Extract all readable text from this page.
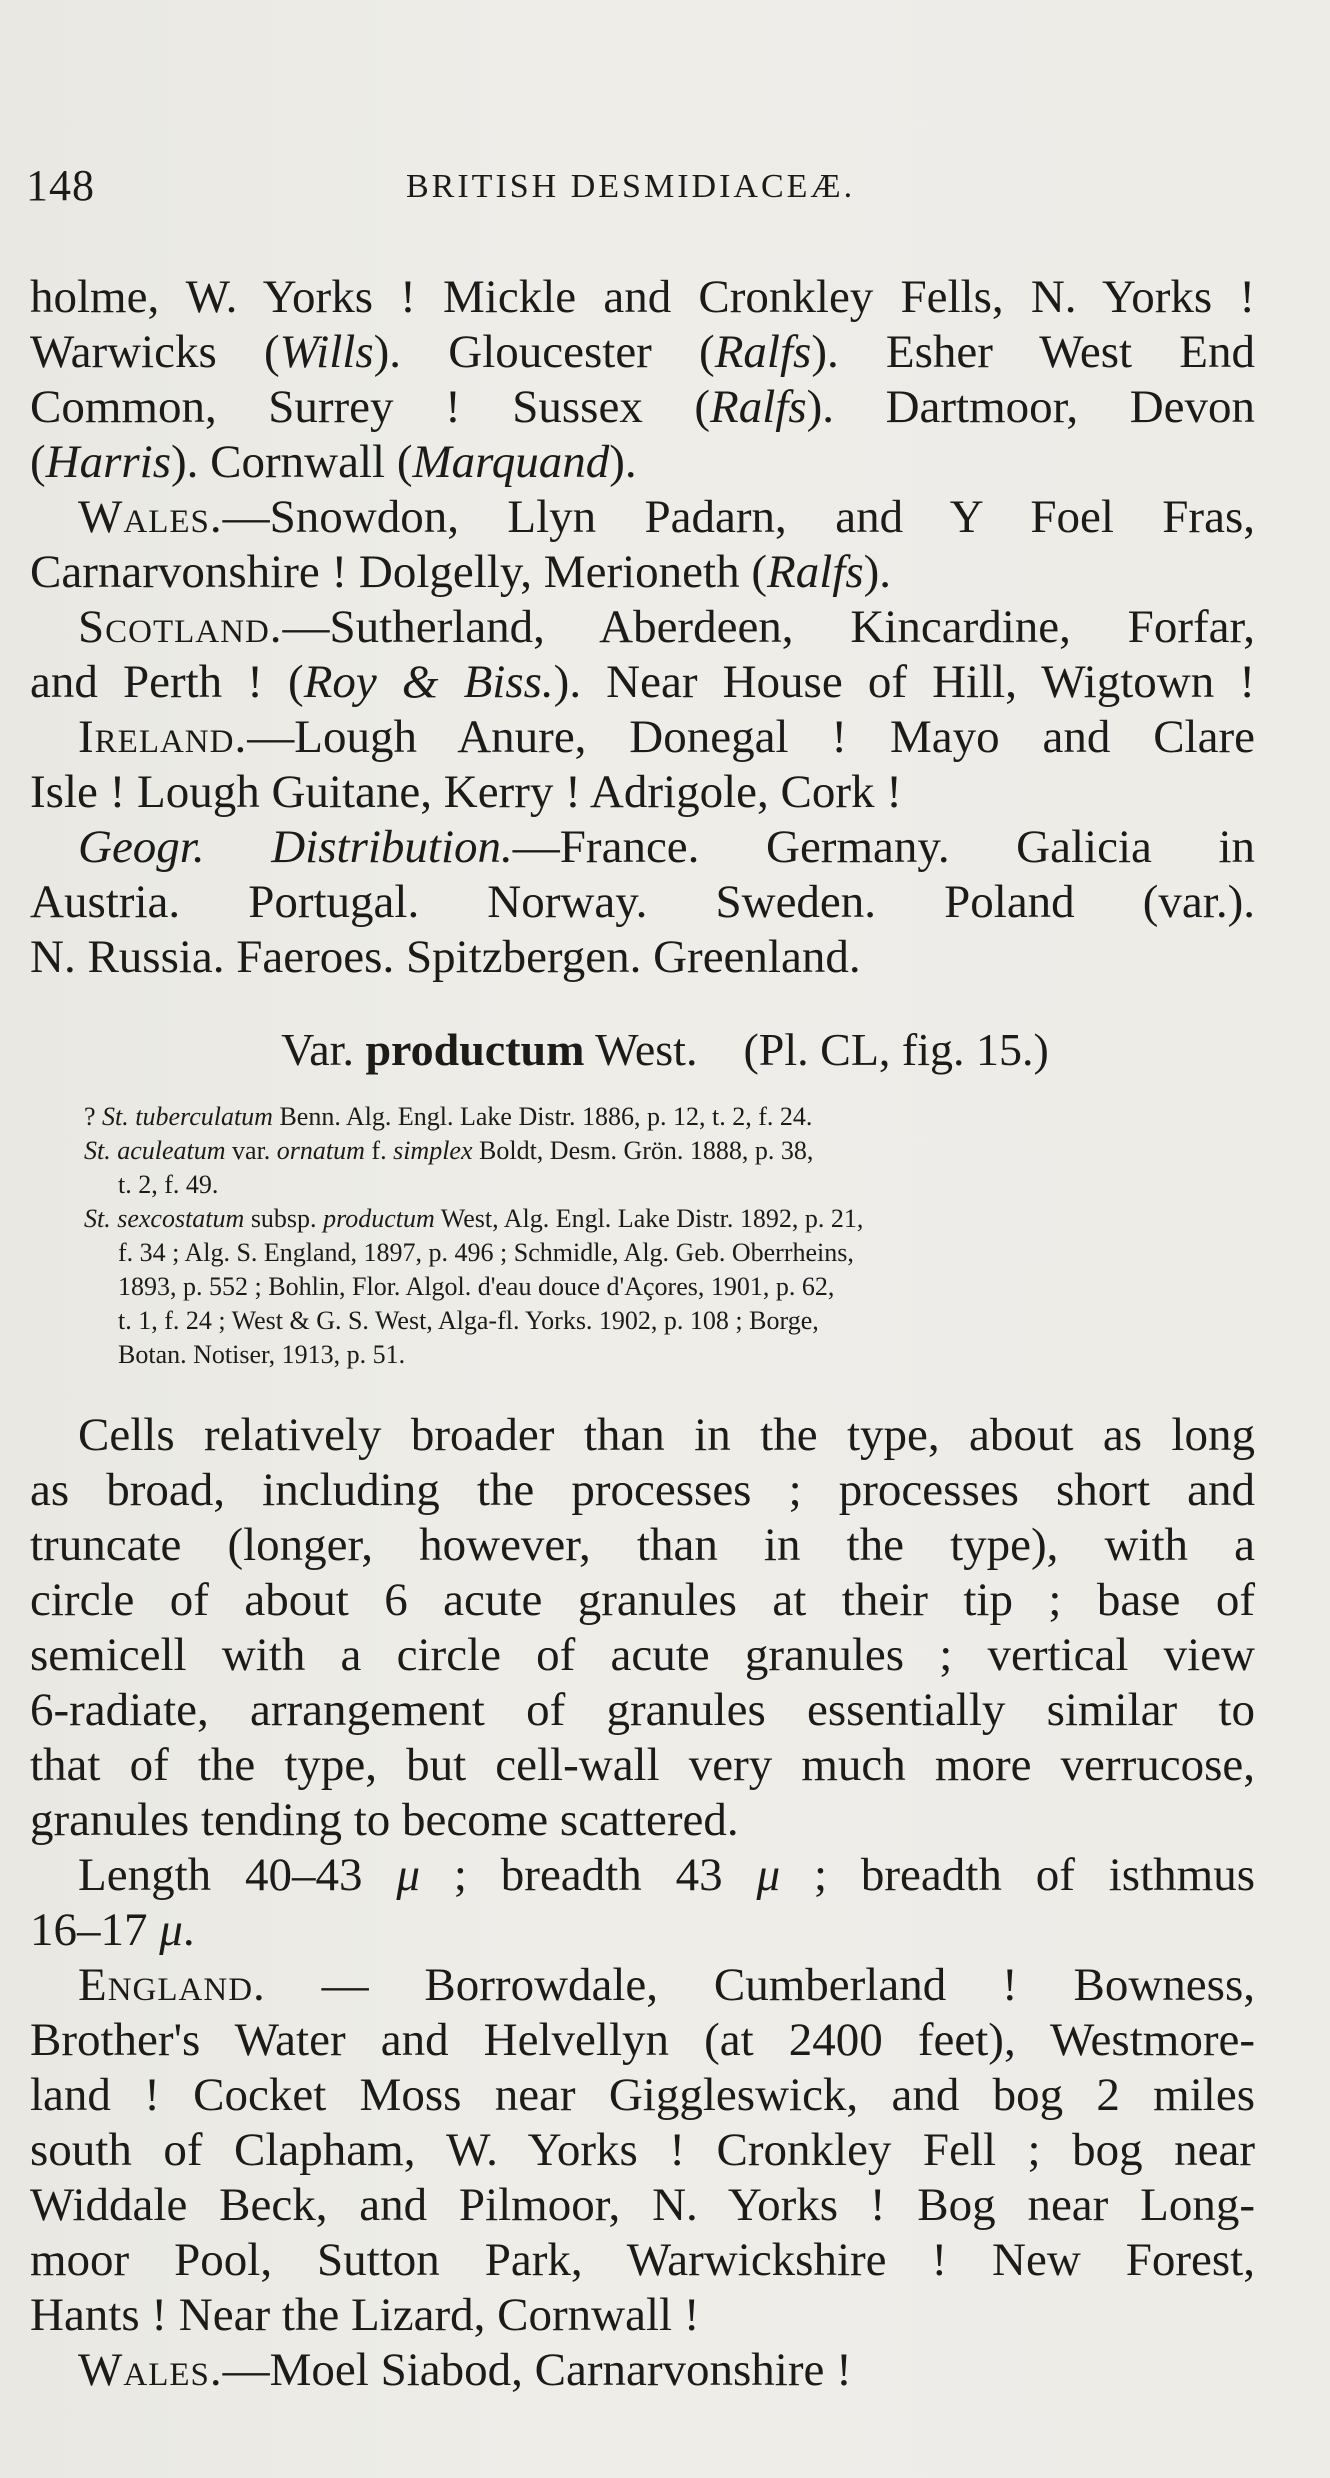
148	BRITISH DESMIDIACEÆ.
holme, W. Yorks ! Mickle and Cronkley Fells, N. Yorks !
Warwicks (Wills). Gloucester (Ralfs). Esher West End
Common, Surrey ! Sussex (Ralfs). Dartmoor, Devon
(Harris). Cornwall (Marquand).
Wales.—Snowdon, Llyn Padarn, and Y Foel Fras,
Carnarvonshire ! Dolgelly, Merioneth (Ralfs).
Scotland.—Sutherland, Aberdeen, Kincardine, Forfar,
and Perth ! (Roy & Biss.). Near House of Hill, Wigtown !
Ireland.—Lough Anure, Donegal ! Mayo and Clare
Isle ! Lough Guitane, Kerry ! Adrigole, Cork !
Geogr. Distribution.—France. Germany. Galicia in
Austria. Portugal. Norway. Sweden. Poland (var.).
N. Russia. Faeroes. Spitzbergen. Greenland.
Var. productum West. (Pl. CL, fig. 15.)
? St. tuberculatum Benn. Alg. Engl. Lake Distr. 1886, p. 12, t. 2, f. 24.
St. aculeatum var. ornatum f. simplex Boldt, Desm. Grön. 1888, p. 38,
t. 2, f. 49.
St. sexcostatum subsp. productum West, Alg. Engl. Lake Distr. 1892, p. 21,
f. 34 ; Alg. S. England, 1897, p. 496 ; Schmidle, Alg. Geb. Oberrheins,
1893, p. 552 ; Bohlin, Flor. Algol. d'eau douce d'Açores, 1901, p. 62,
t. 1, f. 24 ; West & G. S. West, Alga-fl. Yorks. 1902, p. 108 ; Borge,
Botan. Notiser, 1913, p. 51.
Cells relatively broader than in the type, about as long
as broad, including the processes ; processes short and
truncate (longer, however, than in the type), with a
circle of about 6 acute granules at their tip ; base of
semicell with a circle of acute granules ; vertical view
6-radiate, arrangement of granules essentially similar to
that of the type, but cell-wall very much more verrucose,
granules tending to become scattered.
Length 40–43 μ ; breadth 43 μ ; breadth of isthmus
16–17 μ.
England. — Borrowdale, Cumberland ! Bowness,
Brother's Water and Helvellyn (at 2400 feet), Westmore-
land ! Cocket Moss near Giggleswick, and bog 2 miles
south of Clapham, W. Yorks ! Cronkley Fell ; bog near
Widdale Beck, and Pilmoor, N. Yorks ! Bog near Long-
moor Pool, Sutton Park, Warwickshire ! New Forest,
Hants ! Near the Lizard, Cornwall !
Wales.—Moel Siabod, Carnarvonshire !
